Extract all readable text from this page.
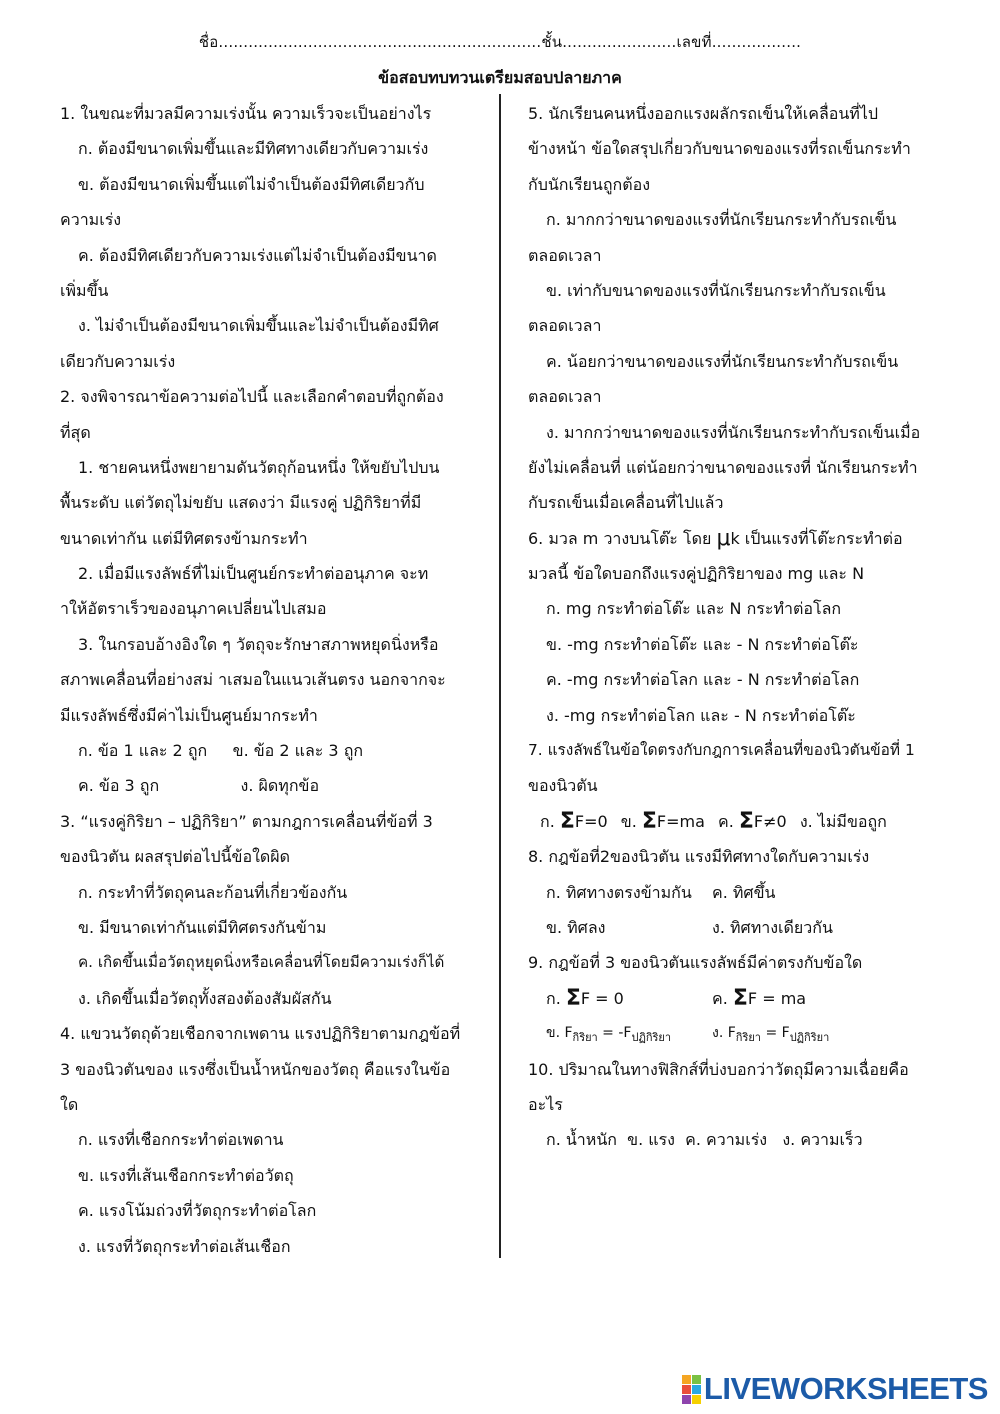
ชื่อ.................................................................ชั้น.......................เลขที่..................
ข้อสอบทบทวนเตรียมสอบปลายภาค
1. ในขณะที่มวลมีความเร่งนั้น ความเร็วจะเป็นอย่างไร
ก. ต้องมีขนาดเพิ่มขึ้นและมีทิศทางเดียวกับความเร่ง
ข. ต้องมีขนาดเพิ่มขึ้นแต่ไม่จำเป็นต้องมีทิศเดียวกับ
ความเร่ง
ค. ต้องมีทิศเดียวกับความเร่งแต่ไม่จำเป็นต้องมีขนาด
เพิ่มขึ้น
ง. ไม่จำเป็นต้องมีขนาดเพิ่มขึ้นและไม่จำเป็นต้องมีทิศ
เดียวกับความเร่ง
2. จงพิจารณาข้อความต่อไปนี้ และเลือกคำตอบที่ถูกต้อง
ที่สุด
1. ชายคนหนึ่งพยายามดันวัตถุก้อนหนึ่ง ให้ขยับไปบน
พื้นระดับ แต่วัตถุไม่ขยับ แสดงว่า มีแรงคู่ ปฏิกิริยาที่มี
ขนาดเท่ากัน แต่มีทิศตรงข้ามกระทำ
2. เมื่อมีแรงลัพธ์ที่ไม่เป็นศูนย์กระทำต่ออนุภาค จะท
าให้อัตราเร็วของอนุภาคเปลี่ยนไปเสมอ
3. ในกรอบอ้างอิงใด ๆ วัตถุจะรักษาสภาพหยุดนิ่งหรือ
สภาพเคลื่อนที่อย่างสม่ าเสมอในแนวเส้นตรง นอกจากจะ
มีแรงลัพธ์ซึ่งมีค่าไม่เป็นศูนย์มากระทำ
ก. ข้อ 1 และ 2 ถูก     ข. ข้อ 2 และ 3 ถูก
ค. ข้อ 3 ถูก                ง. ผิดทุกข้อ
3. “แรงคู่กิริยา – ปฏิกิริยา” ตามกฎการเคลื่อนที่ข้อที่ 3
ของนิวตัน ผลสรุปต่อไปนี้ข้อใดผิด
ก. กระทำที่วัตถุคนละก้อนที่เกี่ยวข้องกัน
ข. มีขนาดเท่ากันแต่มีทิศตรงกันข้าม
ค. เกิดขึ้นเมื่อวัตถุหยุดนิ่งหรือเคลื่อนที่โดยมีความเร่งก็ได้
ง. เกิดขึ้นเมื่อวัตถุทั้งสองต้องสัมผัสกัน
4. แขวนวัตถุด้วยเชือกจากเพดาน แรงปฏิกิริยาตามกฎข้อที่
3 ของนิวตันของ แรงซึ่งเป็นน้ำหนักของวัตถุ คือแรงในข้อ
ใด
ก. แรงที่เชือกกระทำต่อเพดาน
ข. แรงที่เส้นเชือกกระทำต่อวัตถุ
ค. แรงโน้มถ่วงที่วัตถุกระทำต่อโลก
ง. แรงที่วัตถุกระทำต่อเส้นเชือก
5. นักเรียนคนหนึ่งออกแรงผลักรถเข็นให้เคลื่อนที่ไป
ข้างหน้า ข้อใดสรุปเกี่ยวกับขนาดของแรงที่รถเข็นกระทำ
กับนักเรียนถูกต้อง
ก. มากกว่าขนาดของแรงที่นักเรียนกระทำกับรถเข็น
ตลอดเวลา
ข. เท่ากับขนาดของแรงที่นักเรียนกระทำกับรถเข็น
ตลอดเวลา
ค. น้อยกว่าขนาดของแรงที่นักเรียนกระทำกับรถเข็น
ตลอดเวลา
ง. มากกว่าขนาดของแรงที่นักเรียนกระทำกับรถเข็นเมื่อ
ยังไม่เคลื่อนที่ แต่น้อยกว่าขนาดของแรงที่ นักเรียนกระทำ
กับรถเข็นเมื่อเคลื่อนที่ไปแล้ว
6. มวล m วางบนโต๊ะ โดย μk เป็นแรงที่โต๊ะกระทำต่อ
มวลนี้ ข้อใดบอกถึงแรงคู่ปฏิกิริยาของ mg และ N
ก. mg กระทำต่อโต๊ะ และ N กระทำต่อโลก
ข. -mg กระทำต่อโต๊ะ และ - N กระทำต่อโต๊ะ
ค. -mg กระทำต่อโลก และ - N กระทำต่อโลก
ง. -mg กระทำต่อโลก และ - N กระทำต่อโต๊ะ
7. แรงลัพธ์ในข้อใดตรงกับกฎการเคลื่อนที่ของนิวตันข้อที่ 1
ของนิวตัน
ก. ΣF=0 ข. ΣF=ma ค. ΣF≠0 ง. ไม่มีขอถูก
8. กฎข้อที่2ของนิวตัน แรงมีทิศทางใดกับความเร่ง
ก. ทิศทางตรงข้ามกัน ค. ทิศขึ้น
ข. ทิศลง	ง. ทิศทางเดียวกัน
9. กฎข้อที่ 3 ของนิวตันแรงลัพธ์มีค่าตรงกับข้อใด
ก. ΣF = 0	ค. ΣF = ma
ข. $F_{กิริยา} = -F_{ปฏิกิริยา}$	ง. $F_{กิริยา} = F_{ปฏิกิริยา}$
10. ปริมาณในทางฟิสิกส์ที่บ่งบอกว่าวัตถุมีความเฉื่อยคือ
อะไร
ก. น้ำหนัก  ข. แรง  ค. ความเร่ง   ง. ความเร็ว
LIVEWORKSHEETS
